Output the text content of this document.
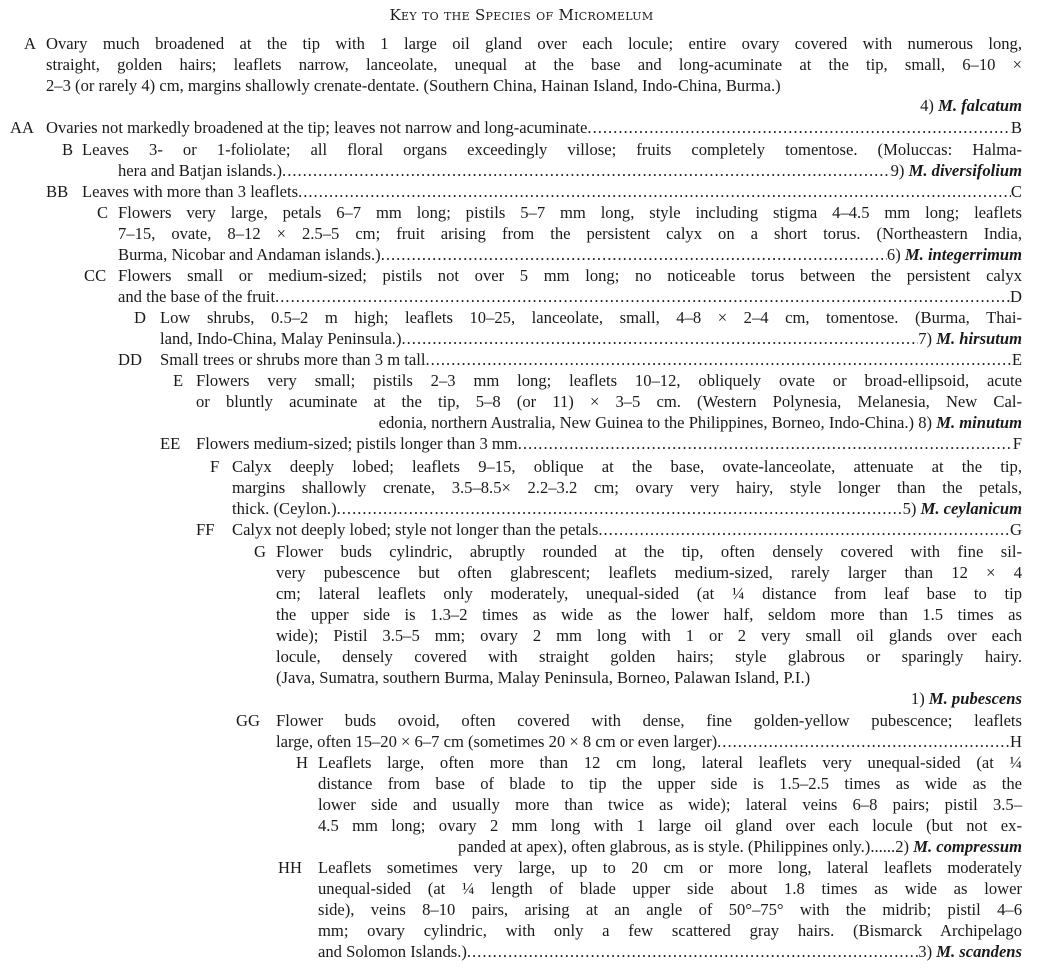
Key to the Species of Micromelum
A Ovary much broadened at the tip with 1 large oil gland over each locule; entire ovary covered with numerous long,
straight, golden hairs; leaflets narrow, lanceolate, unequal at the base and long-acuminate at the tip, small, 6–10 ×
2–3 (or rarely 4) cm, margins shallowly crenate-dentate. (Southern China, Hainan Island, Indo-China, Burma.)
4) M. falcatum
AA Ovaries not markedly broadened at the tip; leaves not narrow and long-acuminate .....	B
B Leaves 3- or 1-foliolate; all floral organs exceedingly villose; fruits completely tomentose. (Moluccas: Halma-
hera and Batjan islands.) .....	9) M. diversifolium
BB Leaves with more than 3 leaflets .....	C
C Flowers very large, petals 6–7 mm long; pistils 5–7 mm long, style including stigma 4–4.5 mm long; leaflets
7–15, ovate, 8–12 × 2.5–5 cm; fruit arising from the persistent calyx on a short torus. (Northeastern India,
Burma, Nicobar and Andaman islands.) .....	6) M. integerrimum
CC Flowers small or medium-sized; pistils not over 5 mm long; no noticeable torus between the persistent calyx
and the base of the fruit .....	D
D Low shrubs, 0.5–2 m high; leaflets 10–25, lanceolate, small, 4–8 × 2–4 cm, tomentose. (Burma, Thai-
land, Indo-China, Malay Peninsula.) .....	7) M. hirsutum
DD Small trees or shrubs more than 3 m tall .....	E
E Flowers very small; pistils 2–3 mm long; leaflets 10–12, obliquely ovate or broad-ellipsoid, acute
or bluntly acuminate at the tip, 5–8 (or 11) × 3–5 cm. (Western Polynesia, Melanesia, New Cal-
edonia, northern Australia, New Guinea to the Philippines, Borneo, Indo-China.) 8) M. minutum
EE Flowers medium-sized; pistils longer than 3 mm .....	F
F Calyx deeply lobed; leaflets 9–15, oblique at the base, ovate-lanceolate, attenuate at the tip,
margins shallowly crenate, 3.5–8.5× 2.2–3.2 cm; ovary very hairy, style longer than the petals,
thick. (Ceylon.) .....	5) M. ceylanicum
FF Calyx not deeply lobed; style not longer than the petals .....	G
G Flower buds cylindric, abruptly rounded at the tip, often densely covered with fine sil-
very pubescence but often glabrescent; leaflets medium-sized, rarely larger than 12 × 4
cm; lateral leaflets only moderately, unequal-sided (at ¼ distance from leaf base to tip
the upper side is 1.3–2 times as wide as the lower half, seldom more than 1.5 times as
wide); Pistil 3.5–5 mm; ovary 2 mm long with 1 or 2 very small oil glands over each
locule, densely covered with straight golden hairs; style glabrous or sparingly hairy.
(Java, Sumatra, southern Burma, Malay Peninsula, Borneo, Palawan Island, P.I.)
1) M. pubescens
GG Flower buds ovoid, often covered with dense, fine golden-yellow pubescence; leaflets
large, often 15–20 × 6–7 cm (sometimes 20 × 8 cm or even larger) .....	H
H Leaflets large, often more than 12 cm long, lateral leaflets very unequal-sided (at ¼
distance from base of blade to tip the upper side is 1.5–2.5 times as wide as the
lower side and usually more than twice as wide); lateral veins 6–8 pairs; pistil 3.5–
4.5 mm long; ovary 2 mm long with 1 large oil gland over each locule (but not ex-
panded at apex), often glabrous, as is style. (Philippines only.)......2) M. compressum
HH Leaflets sometimes very large, up to 20 cm or more long, lateral leaflets moderately
unequal-sided (at ¼ length of blade upper side about 1.8 times as wide as lower
side), veins 8–10 pairs, arising at an angle of 50°–75° with the midrib; pistil 4–6
mm; ovary cylindric, with only a few scattered gray hairs. (Bismarck Archipelago
and Solomon Islands.) .....	3) M. scandens
